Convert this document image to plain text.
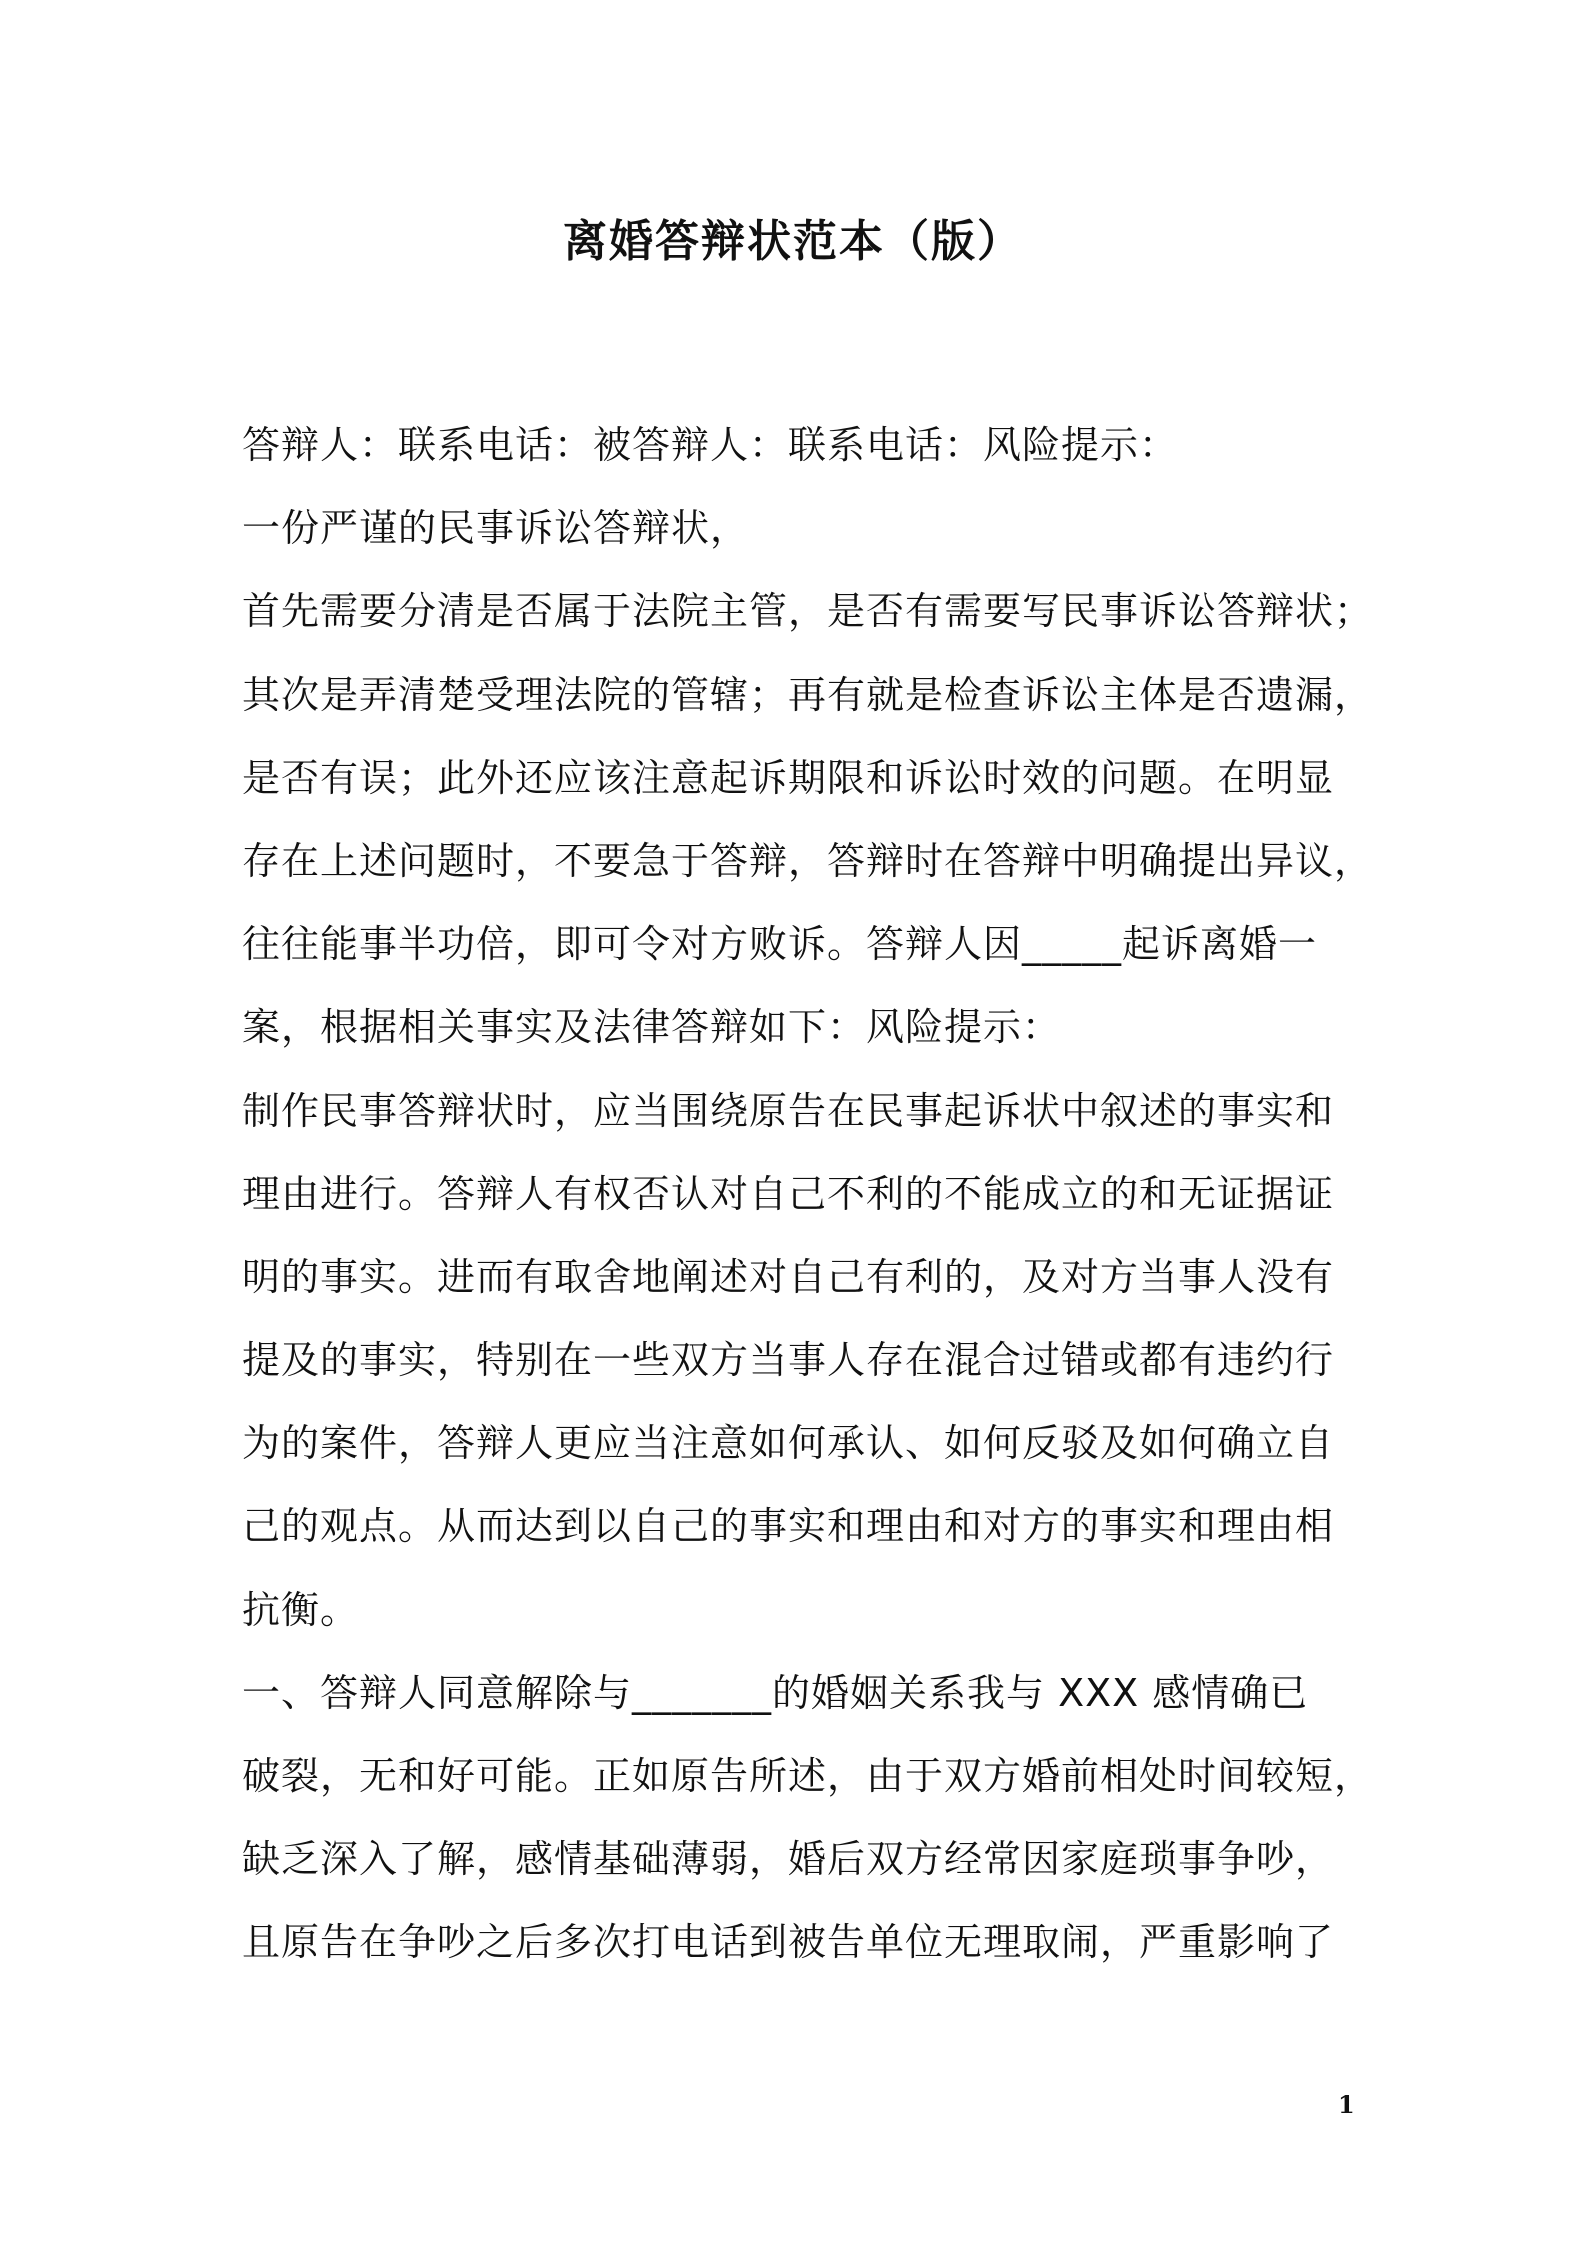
离婚答辩状范本（版）
答辩人：联系电话：被答辩人：联系电话：风险提示：
一份严谨的民事诉讼答辩状，
首先需要分清是否属于法院主管，是否有需要写民事诉讼答辩状；
其次是弄清楚受理法院的管辖；再有就是检查诉讼主体是否遗漏，
是否有误；此外还应该注意起诉期限和诉讼时效的问题。在明显
存在上述问题时，不要急于答辩，答辩时在答辩中明确提出异议，
往往能事半功倍，即可令对方败诉。答辩人因_____起诉离婚一
案，根据相关事实及法律答辩如下：风险提示：
制作民事答辩状时，应当围绕原告在民事起诉状中叙述的事实和
理由进行。答辩人有权否认对自己不利的不能成立的和无证据证
明的事实。进而有取舍地阐述对自己有利的，及对方当事人没有
提及的事实，特别在一些双方当事人存在混合过错或都有违约行
为的案件，答辩人更应当注意如何承认、如何反驳及如何确立自
己的观点。从而达到以自己的事实和理由和对方的事实和理由相
抗衡。
一、答辩人同意解除与_______的婚姻关系我与 XXX 感情确已
破裂，无和好可能。正如原告所述，由于双方婚前相处时间较短，
缺乏深入了解，感情基础薄弱，婚后双方经常因家庭琐事争吵，
且原告在争吵之后多次打电话到被告单位无理取闹，严重影响了
1
